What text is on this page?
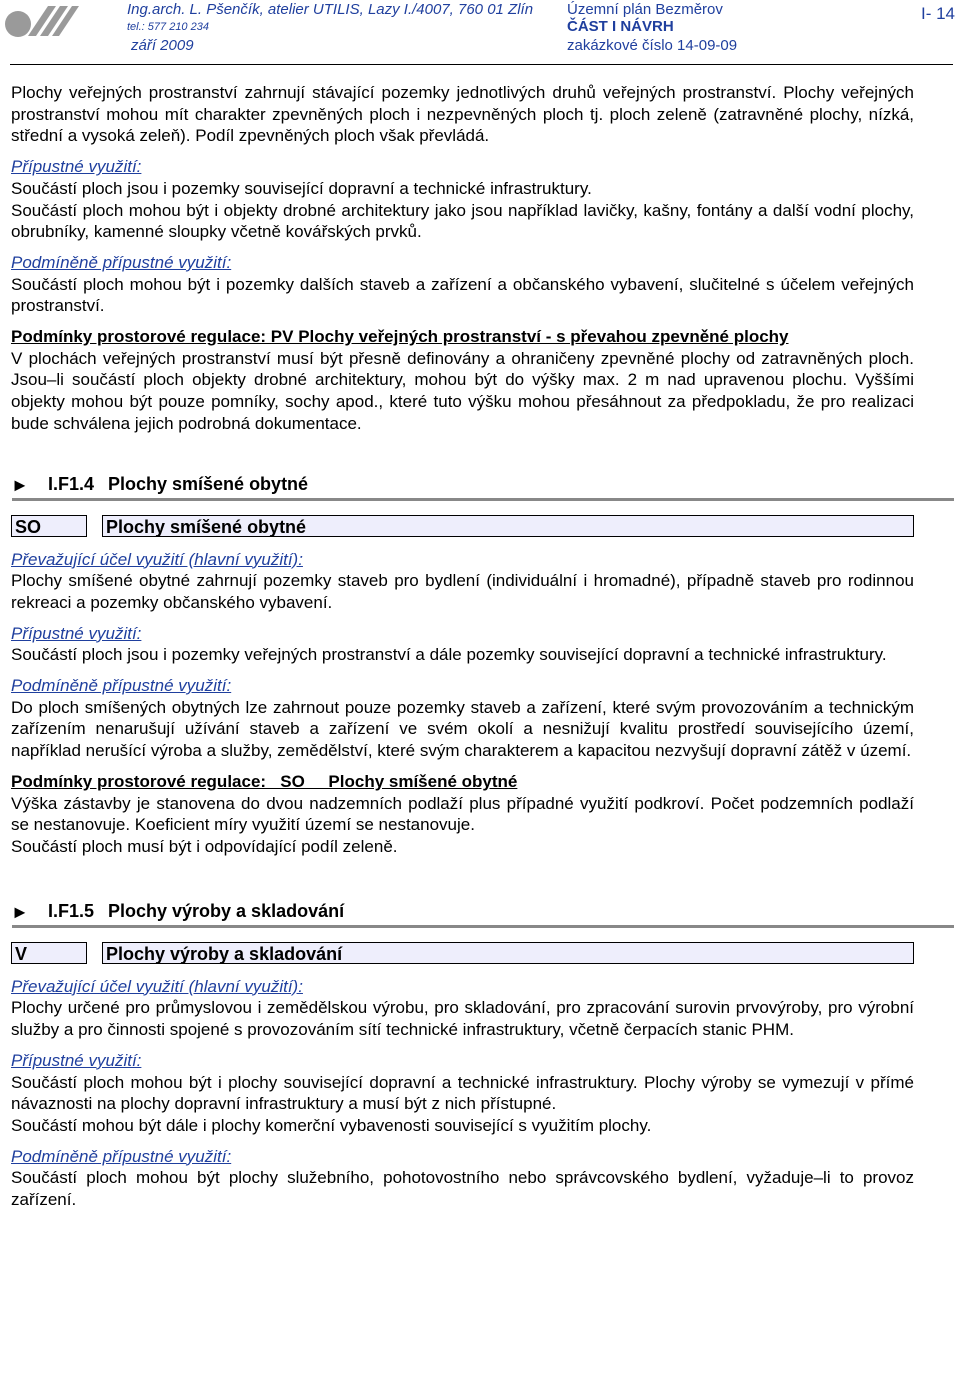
Ing.arch. L. Pšenčík, atelier UTILIS, Lazy I./4007, 760 01 Zlín
tel.: 577 210 234
září 2009
Územní plán Bezměrov
ČÁST I NÁVRH
zakázkové číslo 14-09-09
I- 14

Plochy veřejných prostranství zahrnují stávající pozemky jednotlivých druhů veřejných prostranství. Plochy veřejných prostranství mohou mít charakter zpevněných ploch i nezpevněných ploch tj. ploch zeleně (zatravněné plochy, nízká, střední a vysoká zeleň). Podíl zpevněných ploch však převládá.

Přípustné využití:

Součástí ploch jsou i pozemky související dopravní a technické infrastruktury.

Součástí ploch mohou být i objekty drobné architektury jako jsou například lavičky, kašny, fontány a další vodní plochy, obrubníky, kamenné sloupky včetně kovářských prvků.

Podmíněně přípustné využití:

Součástí ploch mohou být i pozemky dalších staveb a zařízení a občanského vybavení, slučitelné s účelem veřejných prostranství.

Podmínky prostorové regulace: PV Plochy veřejných prostranství - s převahou zpevněné plochy

V plochách veřejných prostranství musí být přesně definovány a ohraničeny zpevněné plochy od zatravněných ploch. Jsou–li součástí ploch objekty drobné architektury, mohou být do výšky max. 2 m nad upravenou plochu. Vyššími objekty mohou být pouze pomníky, sochy apod., které tuto výšku mohou přesáhnout za předpokladu, že pro realizaci bude schválena jejich podrobná dokumentace.

► I.F1.4 Plochy smíšené obytné
SO	Plochy smíšené obytné

Převažující účel využití (hlavní využití):

Plochy smíšené obytné zahrnují pozemky staveb pro bydlení (individuální i hromadné), případně staveb pro rodinnou rekreaci a pozemky občanského vybavení.

Přípustné využití:

Součástí ploch jsou i pozemky veřejných prostranství a dále pozemky související dopravní a technické infrastruktury.

Podmíněně přípustné využití:

Do ploch smíšených obytných lze zahrnout pouze pozemky staveb a zařízení, které svým provozováním a technickým zařízením nenarušují užívání staveb a zařízení ve svém okolí a nesnižují kvalitu prostředí souvisejícího území, například nerušící výroba a služby, zemědělství, které svým charakterem a kapacitou nezvyšují dopravní zátěž v území.

Podmínky prostorové regulace:   SO     Plochy smíšené obytné

Výška zástavby je stanovena do dvou nadzemních podlaží plus případné využití podkroví. Počet podzemních podlaží se nestanovuje. Koeficient míry využití území se nestanovuje.

Součástí ploch musí být i odpovídající podíl zeleně.

► I.F1.5 Plochy výroby a skladování
V	Plochy výroby a skladování

Převažující účel využití (hlavní využití):

Plochy určené pro průmyslovou i zemědělskou výrobu, pro skladování, pro zpracování surovin prvovýroby, pro výrobní služby a pro činnosti spojené s provozováním sítí technické infrastruktury, včetně čerpacích stanic PHM.

Přípustné využití:

Součástí ploch mohou být i plochy související dopravní a technické infrastruktury. Plochy výroby se vymezují v přímé návaznosti na plochy dopravní infrastruktury a musí být z nich přístupné.

Součástí mohou být dále i plochy komerční vybavenosti související s využitím plochy.

Podmíněně přípustné využití:

Součástí ploch mohou být plochy služebního, pohotovostního nebo správcovského bydlení, vyžaduje–li to provoz zařízení.
